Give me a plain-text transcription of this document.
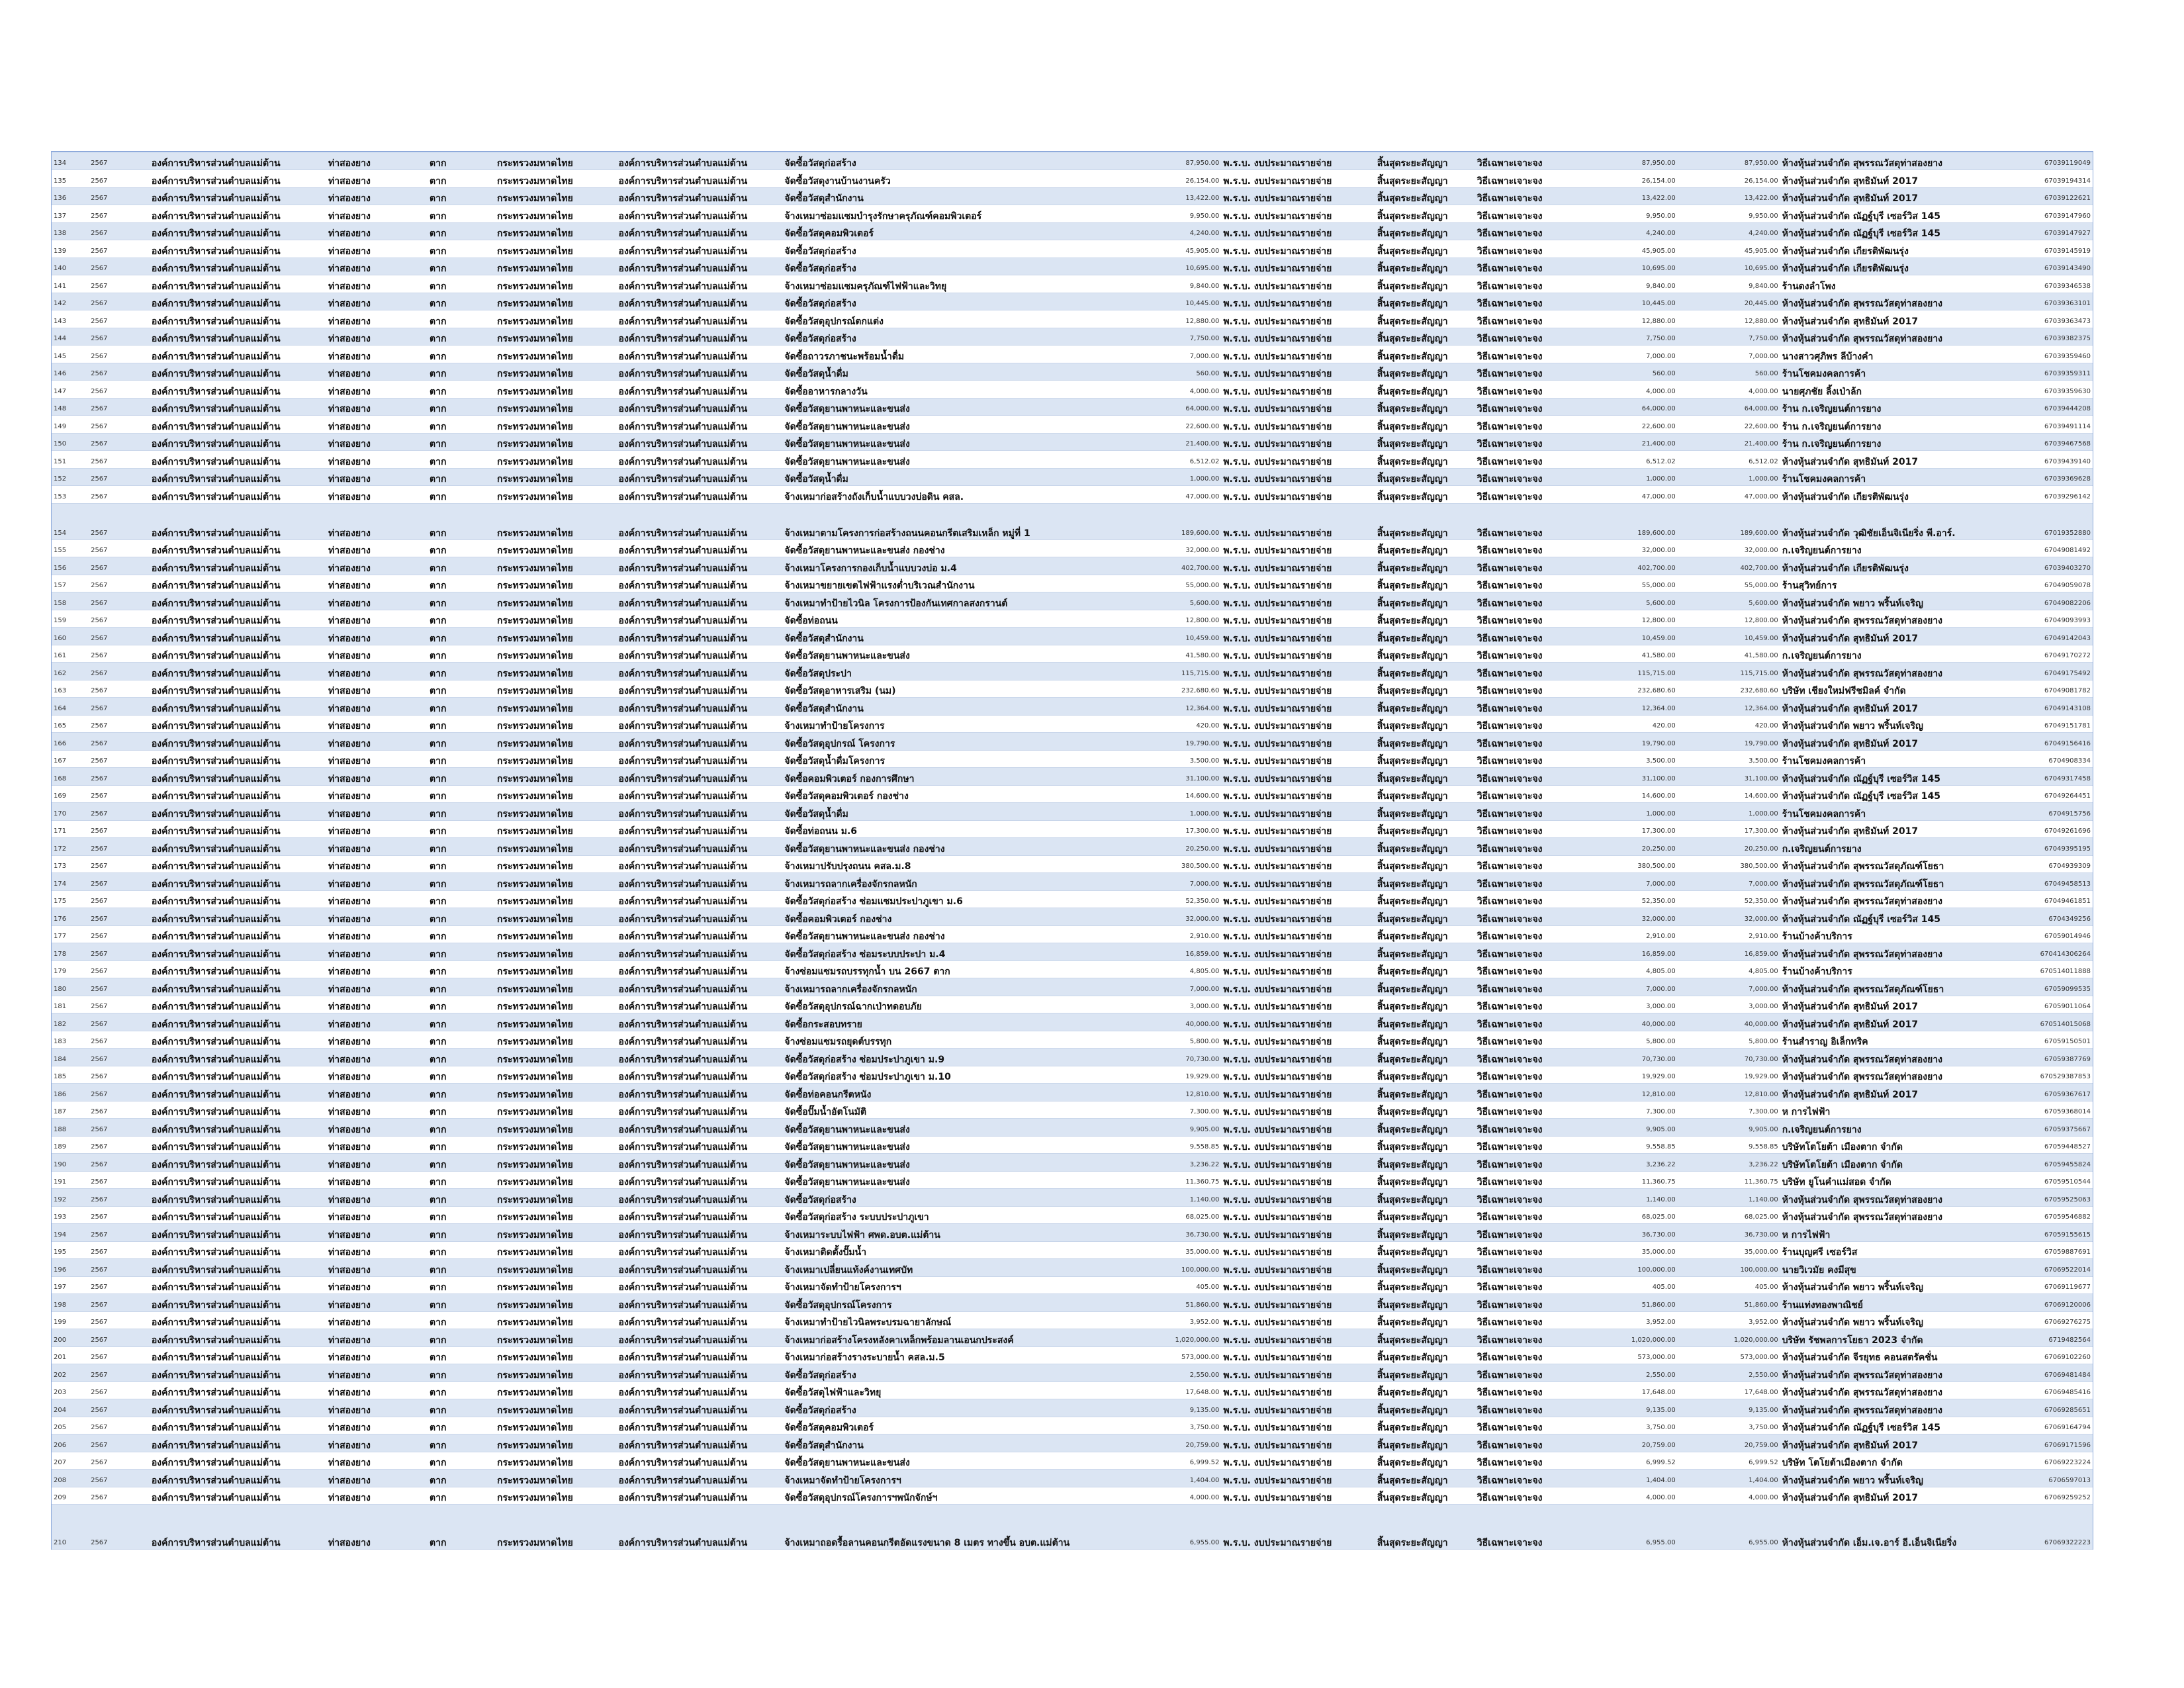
134	2567	องค์การบริหารส่วนตำบลแม่ต้าน	ท่าสองยาง	ตาก	กระทรวงมหาดไทย	องค์การบริหารส่วนตำบลแม่ต้าน	จัดซื้อวัสดุก่อสร้าง	87,950.00	พ.ร.บ. งบประมาณรายจ่าย	สิ้นสุดระยะสัญญา	วิธีเฉพาะเจาะจง	87,950.00	87,950.00	ห้างหุ้นส่วนจำกัด สุพรรณวัสดุท่าสองยาง	67039119049
135	2567	องค์การบริหารส่วนตำบลแม่ต้าน	ท่าสองยาง	ตาก	กระทรวงมหาดไทย	องค์การบริหารส่วนตำบลแม่ต้าน	จัดซื้อวัสดุงานบ้านงานครัว	26,154.00	พ.ร.บ. งบประมาณรายจ่าย	สิ้นสุดระยะสัญญา	วิธีเฉพาะเจาะจง	26,154.00	26,154.00	ห้างหุ้นส่วนจำกัด สุทธิมันท์ 2017	67039194314
136	2567	องค์การบริหารส่วนตำบลแม่ต้าน	ท่าสองยาง	ตาก	กระทรวงมหาดไทย	องค์การบริหารส่วนตำบลแม่ต้าน	จัดซื้อวัสดุสำนักงาน	13,422.00	พ.ร.บ. งบประมาณรายจ่าย	สิ้นสุดระยะสัญญา	วิธีเฉพาะเจาะจง	13,422.00	13,422.00	ห้างหุ้นส่วนจำกัด สุทธิมันท์ 2017	67039122621
137	2567	องค์การบริหารส่วนตำบลแม่ต้าน	ท่าสองยาง	ตาก	กระทรวงมหาดไทย	องค์การบริหารส่วนตำบลแม่ต้าน	จ้างเหมาซ่อมแซมบำรุงรักษาครุภัณฑ์คอมพิวเตอร์	9,950.00	พ.ร.บ. งบประมาณรายจ่าย	สิ้นสุดระยะสัญญา	วิธีเฉพาะเจาะจง	9,950.00	9,950.00	ห้างหุ้นส่วนจำกัด ณัฏฐ์บุรี เซอร์วิส 145	67039147960
138	2567	องค์การบริหารส่วนตำบลแม่ต้าน	ท่าสองยาง	ตาก	กระทรวงมหาดไทย	องค์การบริหารส่วนตำบลแม่ต้าน	จัดซื้อวัสดุคอมพิวเตอร์	4,240.00	พ.ร.บ. งบประมาณรายจ่าย	สิ้นสุดระยะสัญญา	วิธีเฉพาะเจาะจง	4,240.00	4,240.00	ห้างหุ้นส่วนจำกัด ณัฏฐ์บุรี เซอร์วิส 145	67039147927
139	2567	องค์การบริหารส่วนตำบลแม่ต้าน	ท่าสองยาง	ตาก	กระทรวงมหาดไทย	องค์การบริหารส่วนตำบลแม่ต้าน	จัดซื้อวัสดุก่อสร้าง	45,905.00	พ.ร.บ. งบประมาณรายจ่าย	สิ้นสุดระยะสัญญา	วิธีเฉพาะเจาะจง	45,905.00	45,905.00	ห้างหุ้นส่วนจำกัด เกียรติพัฒนรุ่ง	67039145919
140	2567	องค์การบริหารส่วนตำบลแม่ต้าน	ท่าสองยาง	ตาก	กระทรวงมหาดไทย	องค์การบริหารส่วนตำบลแม่ต้าน	จัดซื้อวัสดุก่อสร้าง	10,695.00	พ.ร.บ. งบประมาณรายจ่าย	สิ้นสุดระยะสัญญา	วิธีเฉพาะเจาะจง	10,695.00	10,695.00	ห้างหุ้นส่วนจำกัด เกียรติพัฒนรุ่ง	67039143490
141	2567	องค์การบริหารส่วนตำบลแม่ต้าน	ท่าสองยาง	ตาก	กระทรวงมหาดไทย	องค์การบริหารส่วนตำบลแม่ต้าน	จ้างเหมาซ่อมแซมครุภัณฑ์ไฟฟ้าและวิทยุ	9,840.00	พ.ร.บ. งบประมาณรายจ่าย	สิ้นสุดระยะสัญญา	วิธีเฉพาะเจาะจง	9,840.00	9,840.00	ร้านดงลำโพง	67039346538
142	2567	องค์การบริหารส่วนตำบลแม่ต้าน	ท่าสองยาง	ตาก	กระทรวงมหาดไทย	องค์การบริหารส่วนตำบลแม่ต้าน	จัดซื้อวัสดุก่อสร้าง	10,445.00	พ.ร.บ. งบประมาณรายจ่าย	สิ้นสุดระยะสัญญา	วิธีเฉพาะเจาะจง	10,445.00	20,445.00	ห้างหุ้นส่วนจำกัด สุพรรณวัสดุท่าสองยาง	67039363101
143	2567	องค์การบริหารส่วนตำบลแม่ต้าน	ท่าสองยาง	ตาก	กระทรวงมหาดไทย	องค์การบริหารส่วนตำบลแม่ต้าน	จัดซื้อวัสดุอุปกรณ์ตกแต่ง	12,880.00	พ.ร.บ. งบประมาณรายจ่าย	สิ้นสุดระยะสัญญา	วิธีเฉพาะเจาะจง	12,880.00	12,880.00	ห้างหุ้นส่วนจำกัด สุทธิมันท์ 2017	67039363473
144	2567	องค์การบริหารส่วนตำบลแม่ต้าน	ท่าสองยาง	ตาก	กระทรวงมหาดไทย	องค์การบริหารส่วนตำบลแม่ต้าน	จัดซื้อวัสดุก่อสร้าง	7,750.00	พ.ร.บ. งบประมาณรายจ่าย	สิ้นสุดระยะสัญญา	วิธีเฉพาะเจาะจง	7,750.00	7,750.00	ห้างหุ้นส่วนจำกัด สุพรรณวัสดุท่าสองยาง	67039382375
145	2567	องค์การบริหารส่วนตำบลแม่ต้าน	ท่าสองยาง	ตาก	กระทรวงมหาดไทย	องค์การบริหารส่วนตำบลแม่ต้าน	จัดซื้อถาวรภาชนะพร้อมน้ำดื่ม	7,000.00	พ.ร.บ. งบประมาณรายจ่าย	สิ้นสุดระยะสัญญา	วิธีเฉพาะเจาะจง	7,000.00	7,000.00	นางสาวศุภิพร ลีบ้างคำ	67039359460
146	2567	องค์การบริหารส่วนตำบลแม่ต้าน	ท่าสองยาง	ตาก	กระทรวงมหาดไทย	องค์การบริหารส่วนตำบลแม่ต้าน	จัดซื้อวัสดุน้ำดื่ม	560.00	พ.ร.บ. งบประมาณรายจ่าย	สิ้นสุดระยะสัญญา	วิธีเฉพาะเจาะจง	560.00	560.00	ร้านโชคมงคลการค้า	67039359311
147	2567	องค์การบริหารส่วนตำบลแม่ต้าน	ท่าสองยาง	ตาก	กระทรวงมหาดไทย	องค์การบริหารส่วนตำบลแม่ต้าน	จัดซื้ออาหารกลางวัน	4,000.00	พ.ร.บ. งบประมาณรายจ่าย	สิ้นสุดระยะสัญญา	วิธีเฉพาะเจาะจง	4,000.00	4,000.00	นายศุภชัย ลิ้งเป่าล้ก	67039359630
148	2567	องค์การบริหารส่วนตำบลแม่ต้าน	ท่าสองยาง	ตาก	กระทรวงมหาดไทย	องค์การบริหารส่วนตำบลแม่ต้าน	จัดซื้อวัสดุยานพาหนะและขนส่ง	64,000.00	พ.ร.บ. งบประมาณรายจ่าย	สิ้นสุดระยะสัญญา	วิธีเฉพาะเจาะจง	64,000.00	64,000.00	ร้าน ก.เจริญยนต์การยาง	67039444208
149	2567	องค์การบริหารส่วนตำบลแม่ต้าน	ท่าสองยาง	ตาก	กระทรวงมหาดไทย	องค์การบริหารส่วนตำบลแม่ต้าน	จัดซื้อวัสดุยานพาหนะและขนส่ง	22,600.00	พ.ร.บ. งบประมาณรายจ่าย	สิ้นสุดระยะสัญญา	วิธีเฉพาะเจาะจง	22,600.00	22,600.00	ร้าน ก.เจริญยนต์การยาง	67039491114
150	2567	องค์การบริหารส่วนตำบลแม่ต้าน	ท่าสองยาง	ตาก	กระทรวงมหาดไทย	องค์การบริหารส่วนตำบลแม่ต้าน	จัดซื้อวัสดุยานพาหนะและขนส่ง	21,400.00	พ.ร.บ. งบประมาณรายจ่าย	สิ้นสุดระยะสัญญา	วิธีเฉพาะเจาะจง	21,400.00	21,400.00	ร้าน ก.เจริญยนต์การยาง	67039467568
151	2567	องค์การบริหารส่วนตำบลแม่ต้าน	ท่าสองยาง	ตาก	กระทรวงมหาดไทย	องค์การบริหารส่วนตำบลแม่ต้าน	จัดซื้อวัสดุยานพาหนะและขนส่ง	6,512.02	พ.ร.บ. งบประมาณรายจ่าย	สิ้นสุดระยะสัญญา	วิธีเฉพาะเจาะจง	6,512.02	6,512.02	ห้างหุ้นส่วนจำกัด สุทธิมันท์ 2017	67039439140
152	2567	องค์การบริหารส่วนตำบลแม่ต้าน	ท่าสองยาง	ตาก	กระทรวงมหาดไทย	องค์การบริหารส่วนตำบลแม่ต้าน	จัดซื้อวัสดุน้ำดื่ม	1,000.00	พ.ร.บ. งบประมาณรายจ่าย	สิ้นสุดระยะสัญญา	วิธีเฉพาะเจาะจง	1,000.00	1,000.00	ร้านโชคมงคลการค้า	67039369628
153	2567	องค์การบริหารส่วนตำบลแม่ต้าน	ท่าสองยาง	ตาก	กระทรวงมหาดไทย	องค์การบริหารส่วนตำบลแม่ต้าน	จ้างเหมาก่อสร้างถังเก็บน้ำแบบวงบ่อดิน คสล.	47,000.00	พ.ร.บ. งบประมาณรายจ่าย	สิ้นสุดระยะสัญญา	วิธีเฉพาะเจาะจง	47,000.00	47,000.00	ห้างหุ้นส่วนจำกัด เกียรติพัฒนรุ่ง	67039296142
154	2567	องค์การบริหารส่วนตำบลแม่ต้าน	ท่าสองยาง	ตาก	กระทรวงมหาดไทย	องค์การบริหารส่วนตำบลแม่ต้าน	จ้างเหมาตามโครงการก่อสร้างถนนคอนกรีตเสริมเหล็ก หมู่ที่ 1	189,600.00	พ.ร.บ. งบประมาณรายจ่าย	สิ้นสุดระยะสัญญา	วิธีเฉพาะเจาะจง	189,600.00	189,600.00	ห้างหุ้นส่วนจำกัด วุฒิชัยเอ็นจิเนียริ่ง พี.อาร์.	67019352880
155	2567	องค์การบริหารส่วนตำบลแม่ต้าน	ท่าสองยาง	ตาก	กระทรวงมหาดไทย	องค์การบริหารส่วนตำบลแม่ต้าน	จัดซื้อวัสดุยานพาหนะและขนส่ง กองช่าง	32,000.00	พ.ร.บ. งบประมาณรายจ่าย	สิ้นสุดระยะสัญญา	วิธีเฉพาะเจาะจง	32,000.00	32,000.00	ก.เจริญยนต์การยาง	67049081492
156	2567	องค์การบริหารส่วนตำบลแม่ต้าน	ท่าสองยาง	ตาก	กระทรวงมหาดไทย	องค์การบริหารส่วนตำบลแม่ต้าน	จ้างเหมาโครงการกองเก็บน้ำแบบวงบ่อ ม.4	402,700.00	พ.ร.บ. งบประมาณรายจ่าย	สิ้นสุดระยะสัญญา	วิธีเฉพาะเจาะจง	402,700.00	402,700.00	ห้างหุ้นส่วนจำกัด เกียรติพัฒนรุ่ง	67039403270
157	2567	องค์การบริหารส่วนตำบลแม่ต้าน	ท่าสองยาง	ตาก	กระทรวงมหาดไทย	องค์การบริหารส่วนตำบลแม่ต้าน	จ้างเหมาขยายเขตไฟฟ้าแรงต่ำบริเวณสำนักงาน	55,000.00	พ.ร.บ. งบประมาณรายจ่าย	สิ้นสุดระยะสัญญา	วิธีเฉพาะเจาะจง	55,000.00	55,000.00	ร้านสุวิทย์การ	67049059078
158	2567	องค์การบริหารส่วนตำบลแม่ต้าน	ท่าสองยาง	ตาก	กระทรวงมหาดไทย	องค์การบริหารส่วนตำบลแม่ต้าน	จ้างเหมาทำป้ายไวนิล โครงการป้องกันเทศกาลสงกรานต์	5,600.00	พ.ร.บ. งบประมาณรายจ่าย	สิ้นสุดระยะสัญญา	วิธีเฉพาะเจาะจง	5,600.00	5,600.00	ห้างหุ้นส่วนจำกัด พยาว พริ้นท์เจริญ	67049082206
159	2567	องค์การบริหารส่วนตำบลแม่ต้าน	ท่าสองยาง	ตาก	กระทรวงมหาดไทย	องค์การบริหารส่วนตำบลแม่ต้าน	จัดซื้อท่อถนน	12,800.00	พ.ร.บ. งบประมาณรายจ่าย	สิ้นสุดระยะสัญญา	วิธีเฉพาะเจาะจง	12,800.00	12,800.00	ห้างหุ้นส่วนจำกัด สุพรรณวัสดุท่าสองยาง	67049093993
160	2567	องค์การบริหารส่วนตำบลแม่ต้าน	ท่าสองยาง	ตาก	กระทรวงมหาดไทย	องค์การบริหารส่วนตำบลแม่ต้าน	จัดซื้อวัสดุสำนักงาน	10,459.00	พ.ร.บ. งบประมาณรายจ่าย	สิ้นสุดระยะสัญญา	วิธีเฉพาะเจาะจง	10,459.00	10,459.00	ห้างหุ้นส่วนจำกัด สุทธิมันท์ 2017	67049142043
161	2567	องค์การบริหารส่วนตำบลแม่ต้าน	ท่าสองยาง	ตาก	กระทรวงมหาดไทย	องค์การบริหารส่วนตำบลแม่ต้าน	จัดซื้อวัสดุยานพาหนะและขนส่ง	41,580.00	พ.ร.บ. งบประมาณรายจ่าย	สิ้นสุดระยะสัญญา	วิธีเฉพาะเจาะจง	41,580.00	41,580.00	ก.เจริญยนต์การยาง	67049170272
162	2567	องค์การบริหารส่วนตำบลแม่ต้าน	ท่าสองยาง	ตาก	กระทรวงมหาดไทย	องค์การบริหารส่วนตำบลแม่ต้าน	จัดซื้อวัสดุประปา	115,715.00	พ.ร.บ. งบประมาณรายจ่าย	สิ้นสุดระยะสัญญา	วิธีเฉพาะเจาะจง	115,715.00	115,715.00	ห้างหุ้นส่วนจำกัด สุพรรณวัสดุท่าสองยาง	67049175492
163	2567	องค์การบริหารส่วนตำบลแม่ต้าน	ท่าสองยาง	ตาก	กระทรวงมหาดไทย	องค์การบริหารส่วนตำบลแม่ต้าน	จัดซื้อวัสดุอาหารเสริม (นม)	232,680.60	พ.ร.บ. งบประมาณรายจ่าย	สิ้นสุดระยะสัญญา	วิธีเฉพาะเจาะจง	232,680.60	232,680.60	บริษัท เชียงใหม่ฟรีชมิลค์ จำกัด	67049081782
164	2567	องค์การบริหารส่วนตำบลแม่ต้าน	ท่าสองยาง	ตาก	กระทรวงมหาดไทย	องค์การบริหารส่วนตำบลแม่ต้าน	จัดซื้อวัสดุสำนักงาน	12,364.00	พ.ร.บ. งบประมาณรายจ่าย	สิ้นสุดระยะสัญญา	วิธีเฉพาะเจาะจง	12,364.00	12,364.00	ห้างหุ้นส่วนจำกัด สุทธิมันท์ 2017	67049143108
165	2567	องค์การบริหารส่วนตำบลแม่ต้าน	ท่าสองยาง	ตาก	กระทรวงมหาดไทย	องค์การบริหารส่วนตำบลแม่ต้าน	จ้างเหมาทำป้ายโครงการ	420.00	พ.ร.บ. งบประมาณรายจ่าย	สิ้นสุดระยะสัญญา	วิธีเฉพาะเจาะจง	420.00	420.00	ห้างหุ้นส่วนจำกัด พยาว พริ้นท์เจริญ	67049151781
166	2567	องค์การบริหารส่วนตำบลแม่ต้าน	ท่าสองยาง	ตาก	กระทรวงมหาดไทย	องค์การบริหารส่วนตำบลแม่ต้าน	จัดซื้อวัสดุอุปกรณ์ โครงการ	19,790.00	พ.ร.บ. งบประมาณรายจ่าย	สิ้นสุดระยะสัญญา	วิธีเฉพาะเจาะจง	19,790.00	19,790.00	ห้างหุ้นส่วนจำกัด สุทธิมันท์ 2017	67049156416
167	2567	องค์การบริหารส่วนตำบลแม่ต้าน	ท่าสองยาง	ตาก	กระทรวงมหาดไทย	องค์การบริหารส่วนตำบลแม่ต้าน	จัดซื้อวัสดุน้ำดื่มโครงการ	3,500.00	พ.ร.บ. งบประมาณรายจ่าย	สิ้นสุดระยะสัญญา	วิธีเฉพาะเจาะจง	3,500.00	3,500.00	ร้านโชคมงคลการค้า	6704908334
168	2567	องค์การบริหารส่วนตำบลแม่ต้าน	ท่าสองยาง	ตาก	กระทรวงมหาดไทย	องค์การบริหารส่วนตำบลแม่ต้าน	จัดซื้อคอมพิวเตอร์ กองการศึกษา	31,100.00	พ.ร.บ. งบประมาณรายจ่าย	สิ้นสุดระยะสัญญา	วิธีเฉพาะเจาะจง	31,100.00	31,100.00	ห้างหุ้นส่วนจำกัด ณัฏฐ์บุรี เซอร์วิส 145	67049317458
169	2567	องค์การบริหารส่วนตำบลแม่ต้าน	ท่าสองยาง	ตาก	กระทรวงมหาดไทย	องค์การบริหารส่วนตำบลแม่ต้าน	จัดซื้อวัสดุคอมพิวเตอร์ กองช่าง	14,600.00	พ.ร.บ. งบประมาณรายจ่าย	สิ้นสุดระยะสัญญา	วิธีเฉพาะเจาะจง	14,600.00	14,600.00	ห้างหุ้นส่วนจำกัด ณัฏฐ์บุรี เซอร์วิส 145	67049264451
170	2567	องค์การบริหารส่วนตำบลแม่ต้าน	ท่าสองยาง	ตาก	กระทรวงมหาดไทย	องค์การบริหารส่วนตำบลแม่ต้าน	จัดซื้อวัสดุน้ำดื่ม	1,000.00	พ.ร.บ. งบประมาณรายจ่าย	สิ้นสุดระยะสัญญา	วิธีเฉพาะเจาะจง	1,000.00	1,000.00	ร้านโชคมงคลการค้า	6704915756
171	2567	องค์การบริหารส่วนตำบลแม่ต้าน	ท่าสองยาง	ตาก	กระทรวงมหาดไทย	องค์การบริหารส่วนตำบลแม่ต้าน	จัดซื้อท่อถนน ม.6	17,300.00	พ.ร.บ. งบประมาณรายจ่าย	สิ้นสุดระยะสัญญา	วิธีเฉพาะเจาะจง	17,300.00	17,300.00	ห้างหุ้นส่วนจำกัด สุทธิมันท์ 2017	67049261696
172	2567	องค์การบริหารส่วนตำบลแม่ต้าน	ท่าสองยาง	ตาก	กระทรวงมหาดไทย	องค์การบริหารส่วนตำบลแม่ต้าน	จัดซื้อวัสดุยานพาหนะและขนส่ง กองช่าง	20,250.00	พ.ร.บ. งบประมาณรายจ่าย	สิ้นสุดระยะสัญญา	วิธีเฉพาะเจาะจง	20,250.00	20,250.00	ก.เจริญยนต์การยาง	67049395195
173	2567	องค์การบริหารส่วนตำบลแม่ต้าน	ท่าสองยาง	ตาก	กระทรวงมหาดไทย	องค์การบริหารส่วนตำบลแม่ต้าน	จ้างเหมาปรับปรุงถนน คสล.ม.8	380,500.00	พ.ร.บ. งบประมาณรายจ่าย	สิ้นสุดระยะสัญญา	วิธีเฉพาะเจาะจง	380,500.00	380,500.00	ห้างหุ้นส่วนจำกัด สุพรรณวัสดุภัณฑ์โยธา	6704939309
174	2567	องค์การบริหารส่วนตำบลแม่ต้าน	ท่าสองยาง	ตาก	กระทรวงมหาดไทย	องค์การบริหารส่วนตำบลแม่ต้าน	จ้างเหมารถลากเครื่องจักรกลหนัก	7,000.00	พ.ร.บ. งบประมาณรายจ่าย	สิ้นสุดระยะสัญญา	วิธีเฉพาะเจาะจง	7,000.00	7,000.00	ห้างหุ้นส่วนจำกัด สุพรรณวัสดุภัณฑ์โยธา	67049458513
175	2567	องค์การบริหารส่วนตำบลแม่ต้าน	ท่าสองยาง	ตาก	กระทรวงมหาดไทย	องค์การบริหารส่วนตำบลแม่ต้าน	จัดซื้อวัสดุก่อสร้าง ซ่อมแซมประปาภูเขา ม.6	52,350.00	พ.ร.บ. งบประมาณรายจ่าย	สิ้นสุดระยะสัญญา	วิธีเฉพาะเจาะจง	52,350.00	52,350.00	ห้างหุ้นส่วนจำกัด สุพรรณวัสดุท่าสองยาง	67049461851
176	2567	องค์การบริหารส่วนตำบลแม่ต้าน	ท่าสองยาง	ตาก	กระทรวงมหาดไทย	องค์การบริหารส่วนตำบลแม่ต้าน	จัดซื้อคอมพิวเตอร์ กองช่าง	32,000.00	พ.ร.บ. งบประมาณรายจ่าย	สิ้นสุดระยะสัญญา	วิธีเฉพาะเจาะจง	32,000.00	32,000.00	ห้างหุ้นส่วนจำกัด ณัฏฐ์บุรี เซอร์วิส 145	6704349256
177	2567	องค์การบริหารส่วนตำบลแม่ต้าน	ท่าสองยาง	ตาก	กระทรวงมหาดไทย	องค์การบริหารส่วนตำบลแม่ต้าน	จัดซื้อวัสดุยานพาหนะและขนส่ง กองช่าง	2,910.00	พ.ร.บ. งบประมาณรายจ่าย	สิ้นสุดระยะสัญญา	วิธีเฉพาะเจาะจง	2,910.00	2,910.00	ร้านบ้างค้าบริการ	67059014946
178	2567	องค์การบริหารส่วนตำบลแม่ต้าน	ท่าสองยาง	ตาก	กระทรวงมหาดไทย	องค์การบริหารส่วนตำบลแม่ต้าน	จัดซื้อวัสดุก่อสร้าง ซ่อมระบบประปา ม.4	16,859.00	พ.ร.บ. งบประมาณรายจ่าย	สิ้นสุดระยะสัญญา	วิธีเฉพาะเจาะจง	16,859.00	16,859.00	ห้างหุ้นส่วนจำกัด สุพรรณวัสดุท่าสองยาง	670414306264
179	2567	องค์การบริหารส่วนตำบลแม่ต้าน	ท่าสองยาง	ตาก	กระทรวงมหาดไทย	องค์การบริหารส่วนตำบลแม่ต้าน	จ้างซ่อมแซมรถบรรทุกน้ำ บน 2667 ตาก	4,805.00	พ.ร.บ. งบประมาณรายจ่าย	สิ้นสุดระยะสัญญา	วิธีเฉพาะเจาะจง	4,805.00	4,805.00	ร้านบ้างค้าบริการ	670514011888
180	2567	องค์การบริหารส่วนตำบลแม่ต้าน	ท่าสองยาง	ตาก	กระทรวงมหาดไทย	องค์การบริหารส่วนตำบลแม่ต้าน	จ้างเหมารถลากเครื่องจักรกลหนัก	7,000.00	พ.ร.บ. งบประมาณรายจ่าย	สิ้นสุดระยะสัญญา	วิธีเฉพาะเจาะจง	7,000.00	7,000.00	ห้างหุ้นส่วนจำกัด สุพรรณวัสดุภัณฑ์โยธา	67059099535
181	2567	องค์การบริหารส่วนตำบลแม่ต้าน	ท่าสองยาง	ตาก	กระทรวงมหาดไทย	องค์การบริหารส่วนตำบลแม่ต้าน	จัดซื้อวัสดุอุปกรณ์ฉากเป่าทดอบภัย	3,000.00	พ.ร.บ. งบประมาณรายจ่าย	สิ้นสุดระยะสัญญา	วิธีเฉพาะเจาะจง	3,000.00	3,000.00	ห้างหุ้นส่วนจำกัด สุทธิมันท์ 2017	67059011064
182	2567	องค์การบริหารส่วนตำบลแม่ต้าน	ท่าสองยาง	ตาก	กระทรวงมหาดไทย	องค์การบริหารส่วนตำบลแม่ต้าน	จัดซื้อกระสอบทราย	40,000.00	พ.ร.บ. งบประมาณรายจ่าย	สิ้นสุดระยะสัญญา	วิธีเฉพาะเจาะจง	40,000.00	40,000.00	ห้างหุ้นส่วนจำกัด สุทธิมันท์ 2017	670514015068
183	2567	องค์การบริหารส่วนตำบลแม่ต้าน	ท่าสองยาง	ตาก	กระทรวงมหาดไทย	องค์การบริหารส่วนตำบลแม่ต้าน	จ้างซ่อมแซมรถยุดต์บรรทุก	5,800.00	พ.ร.บ. งบประมาณรายจ่าย	สิ้นสุดระยะสัญญา	วิธีเฉพาะเจาะจง	5,800.00	5,800.00	ร้านสำราญ อิเล็กทริค	67059150501
184	2567	องค์การบริหารส่วนตำบลแม่ต้าน	ท่าสองยาง	ตาก	กระทรวงมหาดไทย	องค์การบริหารส่วนตำบลแม่ต้าน	จัดซื้อวัสดุก่อสร้าง ซ่อมประปาภูเขา ม.9	70,730.00	พ.ร.บ. งบประมาณรายจ่าย	สิ้นสุดระยะสัญญา	วิธีเฉพาะเจาะจง	70,730.00	70,730.00	ห้างหุ้นส่วนจำกัด สุพรรณวัสดุท่าสองยาง	67059387769
185	2567	องค์การบริหารส่วนตำบลแม่ต้าน	ท่าสองยาง	ตาก	กระทรวงมหาดไทย	องค์การบริหารส่วนตำบลแม่ต้าน	จัดซื้อวัสดุก่อสร้าง ซ่อมประปาภูเขา ม.10	19,929.00	พ.ร.บ. งบประมาณรายจ่าย	สิ้นสุดระยะสัญญา	วิธีเฉพาะเจาะจง	19,929.00	19,929.00	ห้างหุ้นส่วนจำกัด สุพรรณวัสดุท่าสองยาง	670529387853
186	2567	องค์การบริหารส่วนตำบลแม่ต้าน	ท่าสองยาง	ตาก	กระทรวงมหาดไทย	องค์การบริหารส่วนตำบลแม่ต้าน	จัดซื้อท่อคอนกรีตหนัง	12,810.00	พ.ร.บ. งบประมาณรายจ่าย	สิ้นสุดระยะสัญญา	วิธีเฉพาะเจาะจง	12,810.00	12,810.00	ห้างหุ้นส่วนจำกัด สุทธิมันท์ 2017	67059367617
187	2567	องค์การบริหารส่วนตำบลแม่ต้าน	ท่าสองยาง	ตาก	กระทรวงมหาดไทย	องค์การบริหารส่วนตำบลแม่ต้าน	จัดซื้อปั๊มน้ำอัตโนมัติ	7,300.00	พ.ร.บ. งบประมาณรายจ่าย	สิ้นสุดระยะสัญญา	วิธีเฉพาะเจาะจง	7,300.00	7,300.00	ห การไฟฟ้า	67059368014
188	2567	องค์การบริหารส่วนตำบลแม่ต้าน	ท่าสองยาง	ตาก	กระทรวงมหาดไทย	องค์การบริหารส่วนตำบลแม่ต้าน	จัดซื้อวัสดุยานพาหนะและขนส่ง	9,905.00	พ.ร.บ. งบประมาณรายจ่าย	สิ้นสุดระยะสัญญา	วิธีเฉพาะเจาะจง	9,905.00	9,905.00	ก.เจริญยนต์การยาง	67059375667
189	2567	องค์การบริหารส่วนตำบลแม่ต้าน	ท่าสองยาง	ตาก	กระทรวงมหาดไทย	องค์การบริหารส่วนตำบลแม่ต้าน	จัดซื้อวัสดุยานพาหนะและขนส่ง	9,558.85	พ.ร.บ. งบประมาณรายจ่าย	สิ้นสุดระยะสัญญา	วิธีเฉพาะเจาะจง	9,558.85	9,558.85	บริษัทโตโยต้า เมืองตาก จำกัด	67059448527
190	2567	องค์การบริหารส่วนตำบลแม่ต้าน	ท่าสองยาง	ตาก	กระทรวงมหาดไทย	องค์การบริหารส่วนตำบลแม่ต้าน	จัดซื้อวัสดุยานพาหนะและขนส่ง	3,236.22	พ.ร.บ. งบประมาณรายจ่าย	สิ้นสุดระยะสัญญา	วิธีเฉพาะเจาะจง	3,236.22	3,236.22	บริษัทโตโยต้า เมืองตาก จำกัด	67059455824
191	2567	องค์การบริหารส่วนตำบลแม่ต้าน	ท่าสองยาง	ตาก	กระทรวงมหาดไทย	องค์การบริหารส่วนตำบลแม่ต้าน	จัดซื้อวัสดุยานพาหนะและขนส่ง	11,360.75	พ.ร.บ. งบประมาณรายจ่าย	สิ้นสุดระยะสัญญา	วิธีเฉพาะเจาะจง	11,360.75	11,360.75	บริษัท ยูโนคำแม่สอด จำกัด	67059510544
192	2567	องค์การบริหารส่วนตำบลแม่ต้าน	ท่าสองยาง	ตาก	กระทรวงมหาดไทย	องค์การบริหารส่วนตำบลแม่ต้าน	จัดซื้อวัสดุก่อสร้าง	1,140.00	พ.ร.บ. งบประมาณรายจ่าย	สิ้นสุดระยะสัญญา	วิธีเฉพาะเจาะจง	1,140.00	1,140.00	ห้างหุ้นส่วนจำกัด สุพรรณวัสดุท่าสองยาง	67059525063
193	2567	องค์การบริหารส่วนตำบลแม่ต้าน	ท่าสองยาง	ตาก	กระทรวงมหาดไทย	องค์การบริหารส่วนตำบลแม่ต้าน	จัดซื้อวัสดุก่อสร้าง ระบบประปาภูเขา	68,025.00	พ.ร.บ. งบประมาณรายจ่าย	สิ้นสุดระยะสัญญา	วิธีเฉพาะเจาะจง	68,025.00	68,025.00	ห้างหุ้นส่วนจำกัด สุพรรณวัสดุท่าสองยาง	67059546882
194	2567	องค์การบริหารส่วนตำบลแม่ต้าน	ท่าสองยาง	ตาก	กระทรวงมหาดไทย	องค์การบริหารส่วนตำบลแม่ต้าน	จ้างเหมาระบบไฟฟ้า ศพด.อบต.แม่ต้าน	36,730.00	พ.ร.บ. งบประมาณรายจ่าย	สิ้นสุดระยะสัญญา	วิธีเฉพาะเจาะจง	36,730.00	36,730.00	ห การไฟฟ้า	67059155615
195	2567	องค์การบริหารส่วนตำบลแม่ต้าน	ท่าสองยาง	ตาก	กระทรวงมหาดไทย	องค์การบริหารส่วนตำบลแม่ต้าน	จ้างเหมาติดตั้งปั๊มน้ำ	35,000.00	พ.ร.บ. งบประมาณรายจ่าย	สิ้นสุดระยะสัญญา	วิธีเฉพาะเจาะจง	35,000.00	35,000.00	ร้านบุญศรี เซอร์วิส	67059887691
196	2567	องค์การบริหารส่วนตำบลแม่ต้าน	ท่าสองยาง	ตาก	กระทรวงมหาดไทย	องค์การบริหารส่วนตำบลแม่ต้าน	จ้างเหมาเปลี่ยนแท้งค์งานเทศบัท	100,000.00	พ.ร.บ. งบประมาณรายจ่าย	สิ้นสุดระยะสัญญา	วิธีเฉพาะเจาะจง	100,000.00	100,000.00	นายวิเวมัย คงมีสุข	67069522014
197	2567	องค์การบริหารส่วนตำบลแม่ต้าน	ท่าสองยาง	ตาก	กระทรวงมหาดไทย	องค์การบริหารส่วนตำบลแม่ต้าน	จ้างเหมาจัดทำป้ายโครงการฯ	405.00	พ.ร.บ. งบประมาณรายจ่าย	สิ้นสุดระยะสัญญา	วิธีเฉพาะเจาะจง	405.00	405.00	ห้างหุ้นส่วนจำกัด พยาว พริ้นท์เจริญ	67069119677
198	2567	องค์การบริหารส่วนตำบลแม่ต้าน	ท่าสองยาง	ตาก	กระทรวงมหาดไทย	องค์การบริหารส่วนตำบลแม่ต้าน	จัดซื้อวัสดุอุปกรณ์โครงการ	51,860.00	พ.ร.บ. งบประมาณรายจ่าย	สิ้นสุดระยะสัญญา	วิธีเฉพาะเจาะจง	51,860.00	51,860.00	ร้านแท่งทองพาณิชย์	67069120006
199	2567	องค์การบริหารส่วนตำบลแม่ต้าน	ท่าสองยาง	ตาก	กระทรวงมหาดไทย	องค์การบริหารส่วนตำบลแม่ต้าน	จ้างเหมาทำป้ายไวนิลพระบรมฉายาลักษณ์	3,952.00	พ.ร.บ. งบประมาณรายจ่าย	สิ้นสุดระยะสัญญา	วิธีเฉพาะเจาะจง	3,952.00	3,952.00	ห้างหุ้นส่วนจำกัด พยาว พริ้นท์เจริญ	67069276275
200	2567	องค์การบริหารส่วนตำบลแม่ต้าน	ท่าสองยาง	ตาก	กระทรวงมหาดไทย	องค์การบริหารส่วนตำบลแม่ต้าน	จ้างเหมาก่อสร้างโครงหลังคาเหล็กพร้อมลานเอนกประสงค์	1,020,000.00	พ.ร.บ. งบประมาณรายจ่าย	สิ้นสุดระยะสัญญา	วิธีเฉพาะเจาะจง	1,020,000.00	1,020,000.00	บริษัท รัชพลการโยธา 2023 จำกัด	6719482564
201	2567	องค์การบริหารส่วนตำบลแม่ต้าน	ท่าสองยาง	ตาก	กระทรวงมหาดไทย	องค์การบริหารส่วนตำบลแม่ต้าน	จ้างเหมาก่อสร้างรางระบายน้ำ คสล.ม.5	573,000.00	พ.ร.บ. งบประมาณรายจ่าย	สิ้นสุดระยะสัญญา	วิธีเฉพาะเจาะจง	573,000.00	573,000.00	ห้างหุ้นส่วนจำกัด จีรยุทธ คอนสตรัคชั่น	67069102260
202	2567	องค์การบริหารส่วนตำบลแม่ต้าน	ท่าสองยาง	ตาก	กระทรวงมหาดไทย	องค์การบริหารส่วนตำบลแม่ต้าน	จัดซื้อวัสดุก่อสร้าง	2,550.00	พ.ร.บ. งบประมาณรายจ่าย	สิ้นสุดระยะสัญญา	วิธีเฉพาะเจาะจง	2,550.00	2,550.00	ห้างหุ้นส่วนจำกัด สุพรรณวัสดุท่าสองยาง	67069481484
203	2567	องค์การบริหารส่วนตำบลแม่ต้าน	ท่าสองยาง	ตาก	กระทรวงมหาดไทย	องค์การบริหารส่วนตำบลแม่ต้าน	จัดซื้อวัสดุไฟฟ้าและวิทยุ	17,648.00	พ.ร.บ. งบประมาณรายจ่าย	สิ้นสุดระยะสัญญา	วิธีเฉพาะเจาะจง	17,648.00	17,648.00	ห้างหุ้นส่วนจำกัด สุพรรณวัสดุท่าสองยาง	67069485416
204	2567	องค์การบริหารส่วนตำบลแม่ต้าน	ท่าสองยาง	ตาก	กระทรวงมหาดไทย	องค์การบริหารส่วนตำบลแม่ต้าน	จัดซื้อวัสดุก่อสร้าง	9,135.00	พ.ร.บ. งบประมาณรายจ่าย	สิ้นสุดระยะสัญญา	วิธีเฉพาะเจาะจง	9,135.00	9,135.00	ห้างหุ้นส่วนจำกัด สุพรรณวัสดุท่าสองยาง	67069285651
205	2567	องค์การบริหารส่วนตำบลแม่ต้าน	ท่าสองยาง	ตาก	กระทรวงมหาดไทย	องค์การบริหารส่วนตำบลแม่ต้าน	จัดซื้อวัสดุคอมพิวเตอร์	3,750.00	พ.ร.บ. งบประมาณรายจ่าย	สิ้นสุดระยะสัญญา	วิธีเฉพาะเจาะจง	3,750.00	3,750.00	ห้างหุ้นส่วนจำกัด ณัฏฐ์บุรี เซอร์วิส 145	67069164794
206	2567	องค์การบริหารส่วนตำบลแม่ต้าน	ท่าสองยาง	ตาก	กระทรวงมหาดไทย	องค์การบริหารส่วนตำบลแม่ต้าน	จัดซื้อวัสดุสำนักงาน	20,759.00	พ.ร.บ. งบประมาณรายจ่าย	สิ้นสุดระยะสัญญา	วิธีเฉพาะเจาะจง	20,759.00	20,759.00	ห้างหุ้นส่วนจำกัด สุทธิมันท์ 2017	67069171596
207	2567	องค์การบริหารส่วนตำบลแม่ต้าน	ท่าสองยาง	ตาก	กระทรวงมหาดไทย	องค์การบริหารส่วนตำบลแม่ต้าน	จัดซื้อวัสดุยานพาหนะและขนส่ง	6,999.52	พ.ร.บ. งบประมาณรายจ่าย	สิ้นสุดระยะสัญญา	วิธีเฉพาะเจาะจง	6,999.52	6,999.52	บริษัท โตโยต้าเมืองตาก จำกัด	67069223224
208	2567	องค์การบริหารส่วนตำบลแม่ต้าน	ท่าสองยาง	ตาก	กระทรวงมหาดไทย	องค์การบริหารส่วนตำบลแม่ต้าน	จ้างเหมาจัดทำป้ายโครงการฯ	1,404.00	พ.ร.บ. งบประมาณรายจ่าย	สิ้นสุดระยะสัญญา	วิธีเฉพาะเจาะจง	1,404.00	1,404.00	ห้างหุ้นส่วนจำกัด พยาว พริ้นท์เจริญ	6706597013
209	2567	องค์การบริหารส่วนตำบลแม่ต้าน	ท่าสองยาง	ตาก	กระทรวงมหาดไทย	องค์การบริหารส่วนตำบลแม่ต้าน	จัดซื้อวัสดุอุปกรณ์โครงการฯพนักจักษ์ฯ	4,000.00	พ.ร.บ. งบประมาณรายจ่าย	สิ้นสุดระยะสัญญา	วิธีเฉพาะเจาะจง	4,000.00	4,000.00	ห้างหุ้นส่วนจำกัด สุทธิมันท์ 2017	67069259252
210	2567	องค์การบริหารส่วนตำบลแม่ต้าน	ท่าสองยาง	ตาก	กระทรวงมหาดไทย	องค์การบริหารส่วนตำบลแม่ต้าน	จ้างเหมาถอดรื้อลานคอนกรีตอัดแรงขนาด 8 เมตร ทางขึ้น อบต.แม่ต้าน	6,955.00	พ.ร.บ. งบประมาณรายจ่าย	สิ้นสุดระยะสัญญา	วิธีเฉพาะเจาะจง	6,955.00	6,955.00	ห้างหุ้นส่วนจำกัด เอ็ม.เจ.อาร์ อี.เอ็นจิเนียริ่ง	67069322223
